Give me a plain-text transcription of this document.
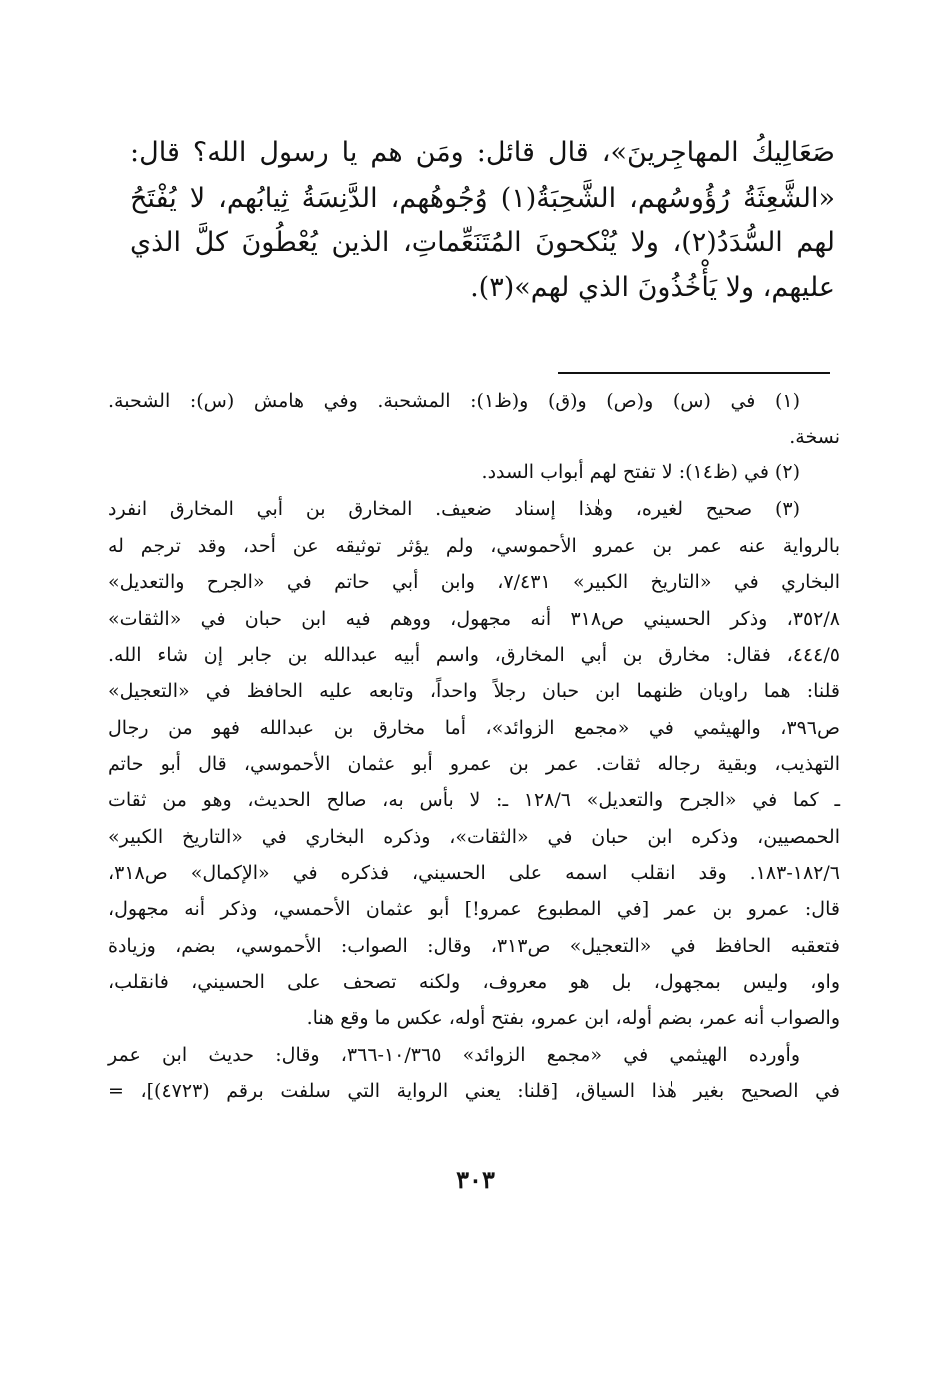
صَعَالِيكُ المهاجِرينَ»، قال قائل: ومَن هم يا رسول الله؟ قال:
«الشَّعِثَةُ رُؤُوسُهم، الشَّحِبَةُ(١) وُجُوهُهم، الدَّنِسَةُ ثِيابُهم، لا يُفْتَحُ
لهم السُّدَدُ(٢)، ولا يُنْكحونَ المُتَنَعِّماتِ، الذين يُعْطُونَ كلَّ الذي
عليهم، ولا يَأْخُذُونَ الذي لهم»(٣).
(١) في (س) و(ص) و(ق) و(ظ١): المشحبة. وفي هامش (س): الشحبة.
نسخة.
(٢) في (ظ١٤): لا تفتح لهم أبواب السدد.
(٣) صحيح لغيره، وهٰذا إسناد ضعيف. المخارق بن أبي المخارق انفرد
بالرواية عنه عمر بن عمرو الأحموسي، ولم يؤثر توثيقه عن أحد، وقد ترجم له
البخاري في «التاريخ الكبير» ٧/٤٣١، وابن أبي حاتم في «الجرح والتعديل»
٣٥٢/٨، وذكر الحسيني ص٣١٨ أنه مجهول، ووهم فيه ابن حبان في «الثقات»
٤٤٤/٥، فقال: مخارق بن أبي المخارق، واسم أبيه عبدالله بن جابر إن شاء الله.
قلنا: هما راويان ظنهما ابن حبان رجلاً واحداً، وتابعه عليه الحافظ في «التعجيل»
ص٣٩٦، والهيثمي في «مجمع الزوائد»، أما مخارق بن عبدالله فهو من رجال
التهذيب، وبقية رجاله ثقات. عمر بن عمرو أبو عثمان الأحموسي، قال أبو حاتم
ـ كما في «الجرح والتعديل» ١٢٨/٦ ـ: لا بأس به، صالح الحديث، وهو من ثقات
الحمصيين، وذكره ابن حبان في «الثقات»، وذكره البخاري في «التاريخ الكبير»
١٨٢/٦-١٨٣. وقد انقلب اسمه على الحسيني، فذكره في «الإكمال» ص٣١٨،
قال: عمرو بن عمر [في المطبوع عمرو!] أبو عثمان الأحمسي، وذكر أنه مجهول،
فتعقبه الحافظ في «التعجيل» ص٣١٣، وقال: الصواب: الأحموسي، بضم، وزيادة
واو، وليس بمجهول، بل هو معروف، ولكنه تصحف على الحسيني، فانقلب،
والصواب أنه عمر، بضم أوله، ابن عمرو، بفتح أوله، عكس ما وقع هنا.
وأورده الهيثمي في «مجمع الزوائد» ١٠/٣٦٥-٣٦٦، وقال: حديث ابن عمر
في الصحيح بغير هٰذا السياق، [قلنا: يعني الرواية التي سلفت برقم (٤٧٢٣)]، =
٣٠٣
